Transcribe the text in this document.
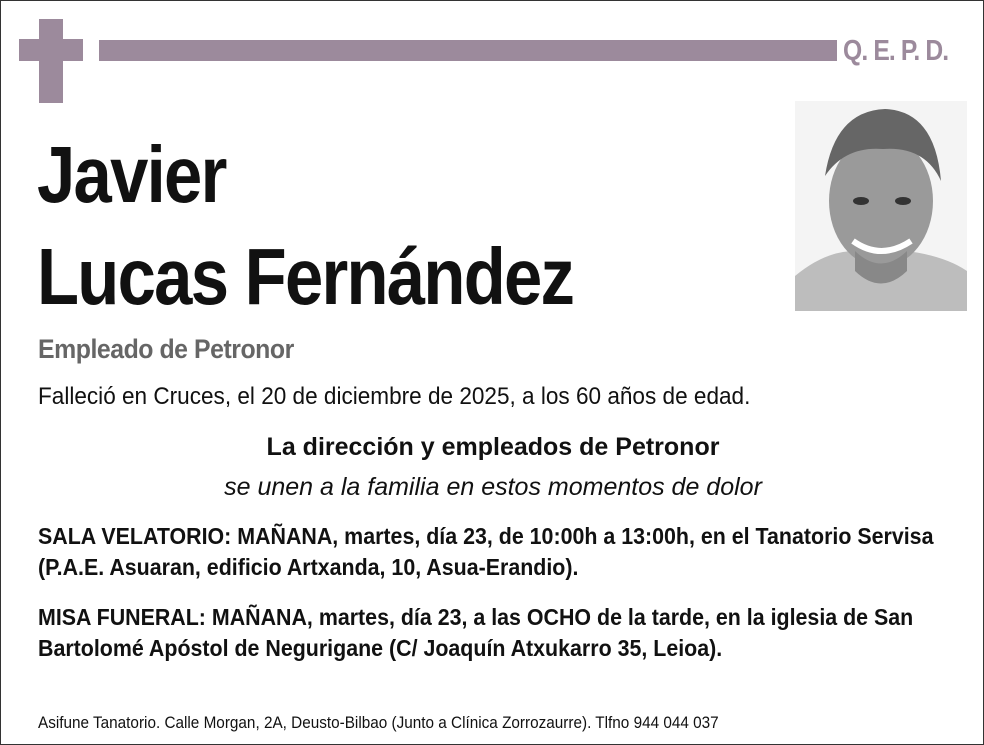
Q. E. P. D.
Javier
Lucas Fernández
Empleado de Petronor
Falleció en Cruces, el 20 de diciembre de 2025, a los 60 años de edad.
La dirección y empleados de Petronor
se unen a la familia en estos momentos de dolor
SALA VELATORIO: MAÑANA, martes, día 23, de 10:00h a 13:00h, en el Tanatorio Servisa (P.A.E. Asuaran, edificio Artxanda, 10, Asua-Erandio).
MISA FUNERAL: MAÑANA, martes, día 23, a las OCHO de la tarde, en la iglesia de San Bartolomé Apóstol de Negurigane (C/ Joaquín Atxukarro 35, Leioa).
Asifune Tanatorio. Calle Morgan, 2A, Deusto-Bilbao (Junto a Clínica Zorrozaurre). Tlfno 944 044 037
